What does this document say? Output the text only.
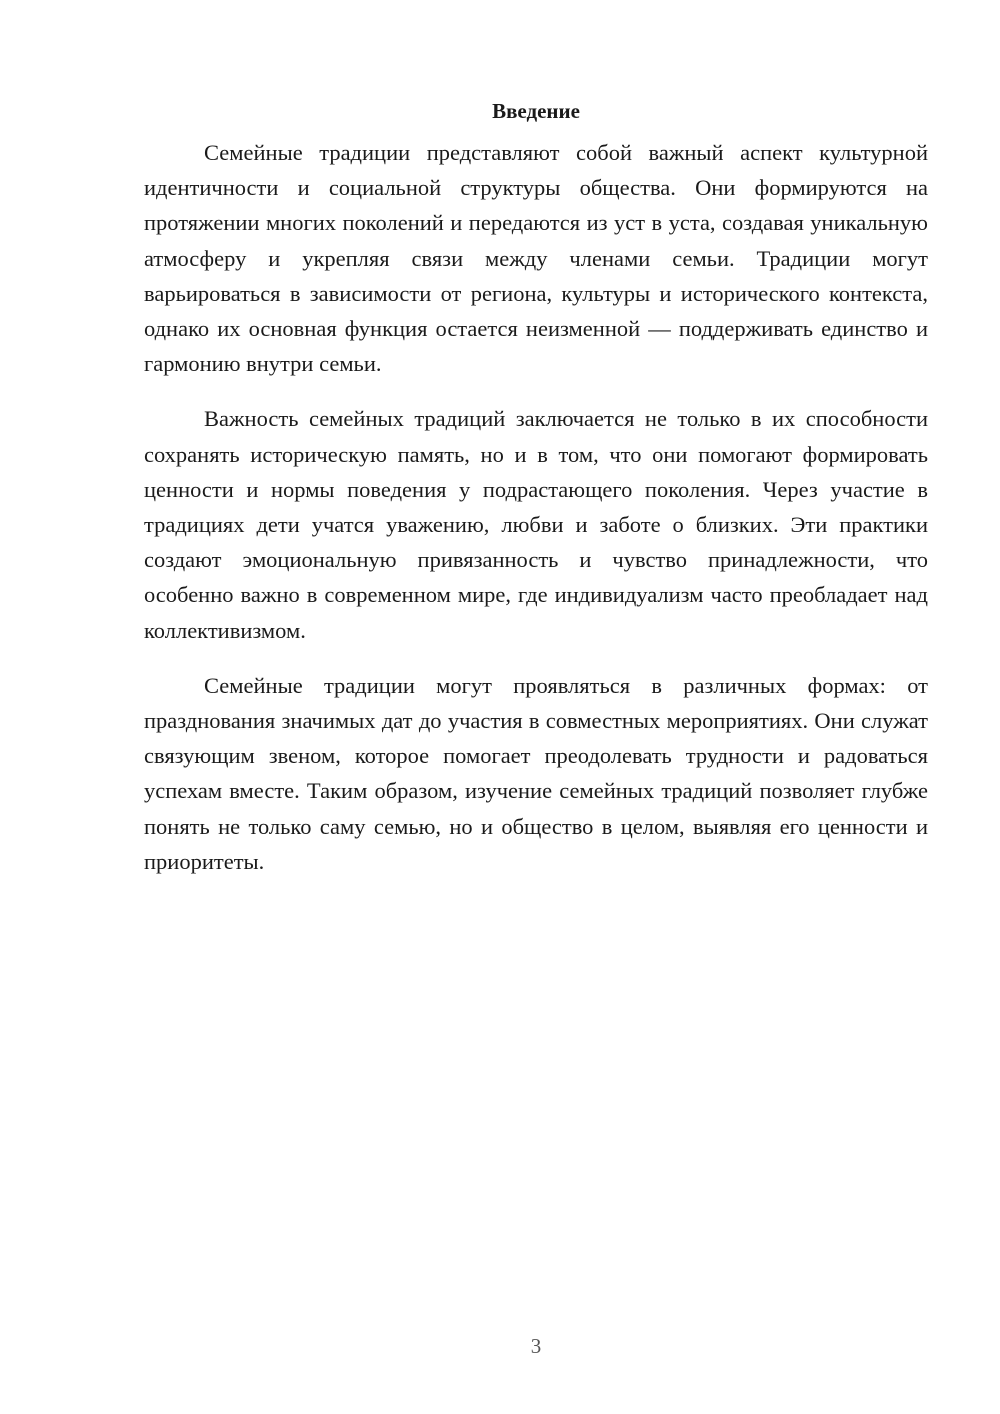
Введение

Семейные традиции представляют собой важный аспект культурной идентичности и социальной структуры общества. Они формируются на протяжении многих поколений и передаются из уст в уста, создавая уникальную атмосферу и укрепляя связи между членами семьи. Традиции могут варьироваться в зависимости от региона, культуры и исторического контекста, однако их основная функция остается неизменной — поддерживать единство и гармонию внутри семьи.

Важность семейных традиций заключается не только в их способности сохранять историческую память, но и в том, что они помогают формировать ценности и нормы поведения у подрастающего поколения. Через участие в традициях дети учатся уважению, любви и заботе о близких. Эти практики создают эмоциональную привязанность и чувство принадлежности, что особенно важно в современном мире, где индивидуализм часто преобладает над коллективизмом.

Семейные традиции могут проявляться в различных формах: от празднования значимых дат до участия в совместных мероприятиях. Они служат связующим звеном, которое помогает преодолевать трудности и радоваться успехам вместе. Таким образом, изучение семейных традиций позволяет глубже понять не только саму семью, но и общество в целом, выявляя его ценности и приоритеты.

3
